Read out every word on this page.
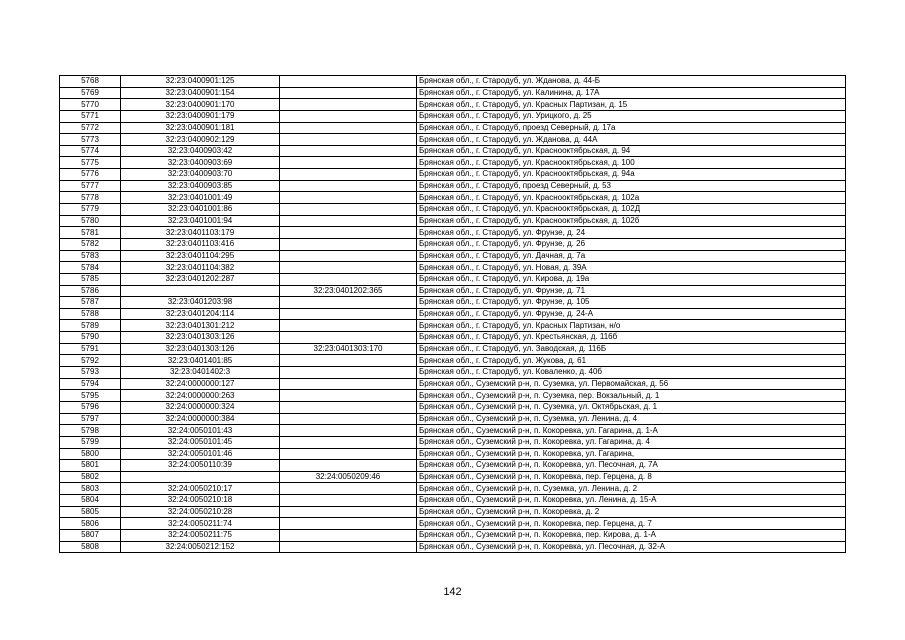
5768	32:23:0400901:125		Брянская обл., г. Стародуб, ул. Жданова, д. 44-Б
5769	32:23:0400901:154		Брянская обл., г. Стародуб, ул. Калинина, д. 17А
5770	32:23:0400901:170		Брянская обл., г. Стародуб, ул. Красных Партизан, д. 15
5771	32:23:0400901:179		Брянская обл., г. Стародуб, ул. Урицкого, д. 25
5772	32:23:0400901:181		Брянская обл., г. Стародуб, проезд Северный, д. 17а
5773	32:23:0400902:129		Брянская обл., г. Стародуб, ул. Жданова, д. 44А
5774	32:23:0400903:42		Брянская обл., г. Стародуб, ул. Краснооктябрьская, д. 94
5775	32:23:0400903:69		Брянская обл., г. Стародуб, ул. Краснооктябрьская, д. 100
5776	32:23:0400903:70		Брянская обл., г. Стародуб, ул. Краснооктябрьская, д. 94а
5777	32:23:0400903:85		Брянская обл., г. Стародуб, проезд Северный, д. 53
5778	32:23:0401001:49		Брянская обл., г. Стародуб, ул. Краснооктябрьская, д. 102а
5779	32:23:0401001:86		Брянская обл., г. Стародуб, ул. Краснооктябрьская, д. 102Д
5780	32:23:0401001:94		Брянская обл., г. Стародуб, ул. Краснооктябрьская, д. 102б
5781	32:23:0401103:179		Брянская обл., г. Стародуб, ул. Фрунзе, д. 24
5782	32:23:0401103:416		Брянская обл., г. Стародуб, ул. Фрунзе, д. 26
5783	32:23:0401104:295		Брянская обл., г. Стародуб, ул. Дачная, д. 7а
5784	32:23:0401104:382		Брянская обл., г. Стародуб, ул. Новая, д. 39А
5785	32:23:0401202:287		Брянская обл., г. Стародуб, ул. Кирова, д. 19а
5786		32:23:0401202:365	Брянская обл., г. Стародуб, ул. Фрунзе, д. 71
5787	32:23:0401203:98		Брянская обл., г. Стародуб, ул. Фрунзе, д. 105
5788	32:23:0401204:114		Брянская обл., г. Стародуб, ул. Фрунзе, д. 24-А
5789	32:23:0401301:212		Брянская обл., г. Стародуб, ул. Красных Партизан, н/о
5790	32:23:0401303:126		Брянская обл., г. Стародуб, ул. Крестьянская, д. 116б
5791	32:23:0401303:126	32:23:0401303:170	Брянская обл., г. Стародуб, ул. Заводская, д. 116Б
5792	32:23:0401401:85		Брянская обл., г. Стародуб, ул. Жукова, д. 61
5793	32:23:0401402:3		Брянская обл., г. Стародуб, ул. Коваленко, д. 40б
5794	32:24:0000000:127		Брянская обл., Суземский р-н, п. Суземка, ул. Первомайская, д. 56
5795	32:24:0000000:263		Брянская обл., Суземский р-н, п. Суземка, пер. Вокзальный, д. 1
5796	32:24:0000000:324		Брянская обл., Суземский р-н, п. Суземка, ул. Октябрьская, д. 1
5797	32:24:0000000:384		Брянская обл., Суземский р-н, п. Суземка, ул. Ленина, д. 4
5798	32:24:0050101:43		Брянская обл., Суземский р-н, п. Кокоревка, ул. Гагарина, д. 1-А
5799	32:24:0050101:45		Брянская обл., Суземский р-н, п. Кокоревка, ул. Гагарина, д. 4
5800	32:24:0050101:46		Брянская обл., Суземский р-н, п. Кокоревка, ул. Гагарина,
5801	32:24:0050110:39		Брянская обл., Суземский р-н, п. Кокоревка, ул. Песочная, д. 7А
5802		32:24:0050209:46	Брянская обл., Суземский р-н, п. Кокоревка, пер. Герцена, д. 8
5803	32:24:0050210:17		Брянская обл., Суземский р-н, п. Суземка, ул. Ленина, д. 2
5804	32:24:0050210:18		Брянская обл., Суземский р-н, п. Кокоревка, ул. Ленина, д. 15-А
5805	32:24:0050210:28		Брянская обл., Суземский р-н, п. Кокоревка, д. 2
5806	32:24:0050211:74		Брянская обл., Суземский р-н, п. Кокоревка, пер. Герцена, д. 7
5807	32:24:0050211:75		Брянская обл., Суземский р-н, п. Кокоревка, пер. Кирова, д. 1-А
5808	32:24:0050212:152		Брянская обл., Суземский р-н, п. Кокоревка, ул. Песочная, д. 32-А
142
